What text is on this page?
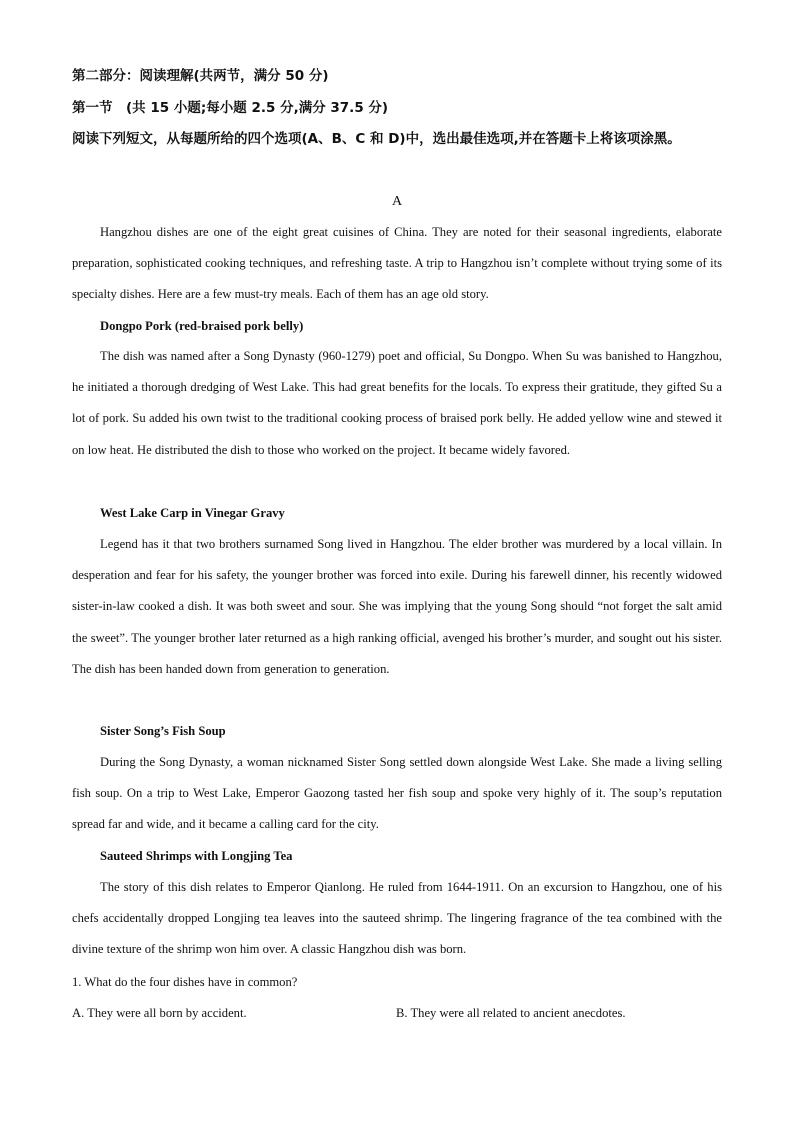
第二部分：阅读理解(共两节，满分 50 分)
第一节　(共 15 小题;每小题 2.5 分,满分 37.5 分)
阅读下列短文，从每题所给的四个选项(A、B、C 和 D)中，选出最佳选项,并在答题卡上将该项涂黑。
A
Hangzhou dishes are one of the eight great cuisines of China. They are noted for their seasonal ingredients, elaborate preparation, sophisticated cooking techniques, and refreshing taste. A trip to Hangzhou isn’t complete without trying some of its specialty dishes. Here are a few must-try meals. Each of them has an age old story.
Dongpo Pork (red-braised pork belly)
The dish was named after a Song Dynasty (960-1279) poet and official, Su Dongpo. When Su was banished to Hangzhou, he initiated a thorough dredging of West Lake. This had great benefits for the locals. To express their gratitude, they gifted Su a lot of pork. Su added his own twist to the traditional cooking process of braised pork belly. He added yellow wine and stewed it on low heat. He distributed the dish to those who worked on the project. It became widely favored.
West Lake Carp in Vinegar Gravy
Legend has it that two brothers surnamed Song lived in Hangzhou. The elder brother was murdered by a local villain. In desperation and fear for his safety, the younger brother was forced into exile. During his farewell dinner, his recently widowed sister-in-law cooked a dish. It was both sweet and sour. She was implying that the young Song should “not forget the salt amid the sweet”. The younger brother later returned as a high ranking official, avenged his brother’s murder, and sought out his sister. The dish has been handed down from generation to generation.
Sister Song’s Fish Soup
During the Song Dynasty, a woman nicknamed Sister Song settled down alongside West Lake. She made a living selling fish soup. On a trip to West Lake, Emperor Gaozong tasted her fish soup and spoke very highly of it. The soup’s reputation spread far and wide, and it became a calling card for the city.
Sauteed Shrimps with Longjing Tea
The story of this dish relates to Emperor Qianlong. He ruled from 1644-1911. On an excursion to Hangzhou, one of his chefs accidentally dropped Longjing tea leaves into the sauteed shrimp. The lingering fragrance of the tea combined with the divine texture of the shrimp won him over. A classic Hangzhou dish was born.
1. What do the four dishes have in common?
A. They were all born by accident.	B. They were all related to ancient anecdotes.
